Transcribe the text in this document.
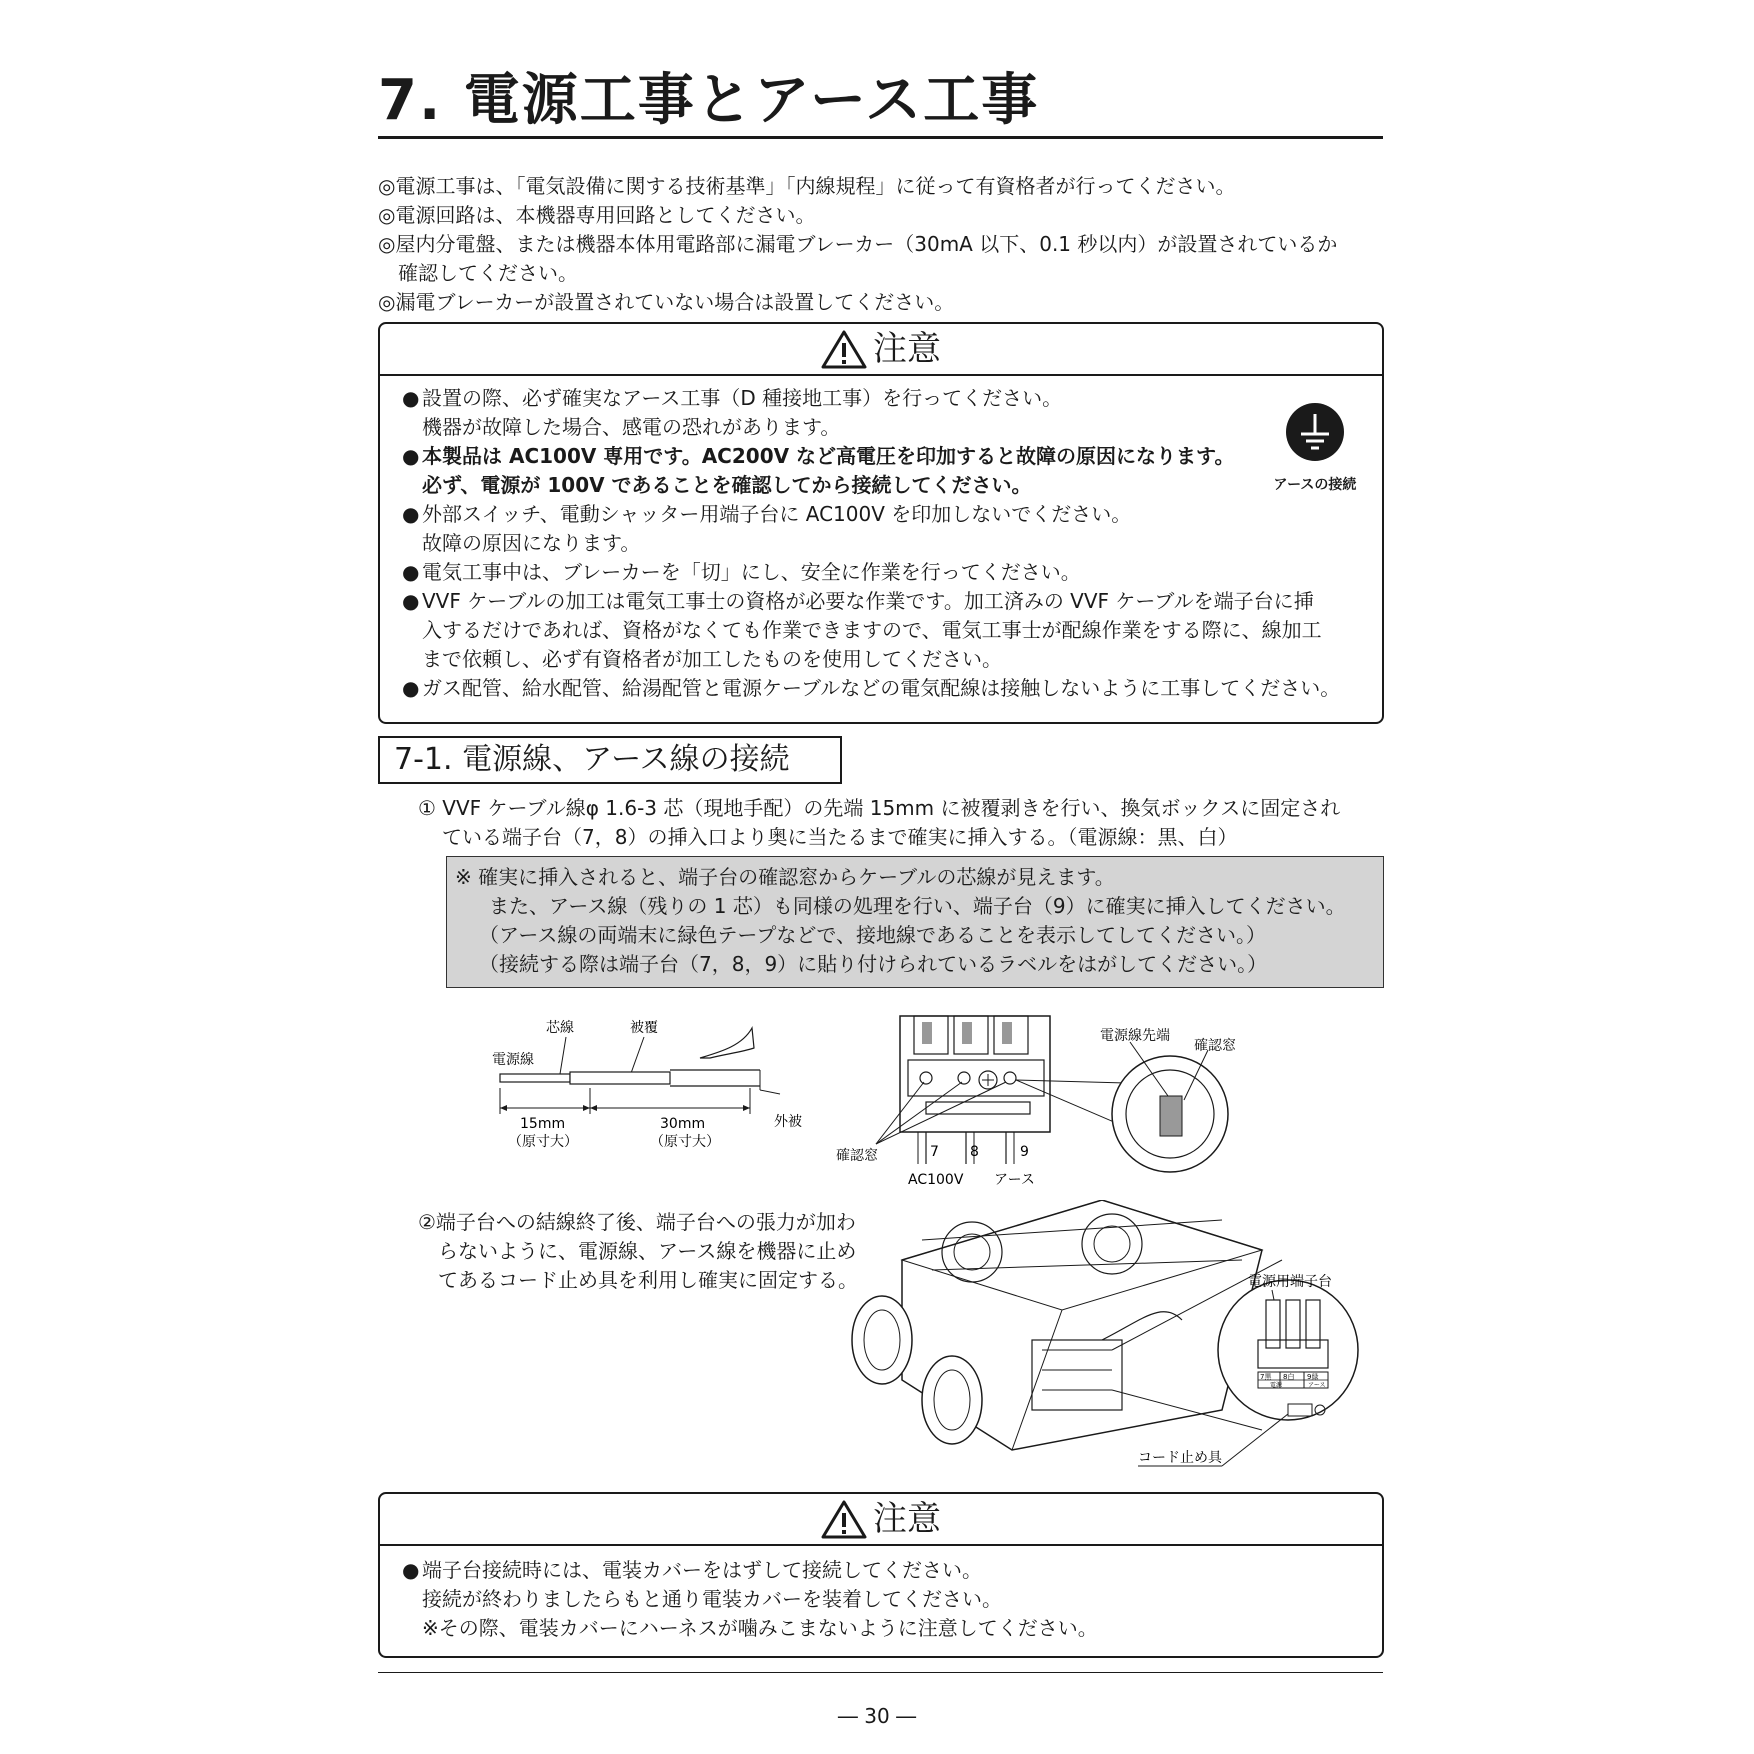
7. 電源工事とアース工事
◎電源工事は、「電気設備に関する技術基準」「内線規程」に従って有資格者が行ってください。
◎電源回路は、本機器専用回路としてください。
◎屋内分電盤、または機器本体用電路部に漏電ブレーカー（30mA 以下、0.1 秒以内）が設置されているか
確認してください。
◎漏電ブレーカーが設置されていない場合は設置してください。
注意
● 設置の際、必ず確実なアース工事（D 種接地工事）を行ってください。
機器が故障した場合、感電の恐れがあります。
● 本製品は AC100V 専用です。AC200V など高電圧を印加すると故障の原因になります。
必ず、電源が 100V であることを確認してから接続してください。
● 外部スイッチ、電動シャッター用端子台に AC100V を印加しないでください。
故障の原因になります。
● 電気工事中は、ブレーカーを「切」にし、安全に作業を行ってください。
● VVF ケーブルの加工は電気工事士の資格が必要な作業です。加工済みの VVF ケーブルを端子台に挿
入するだけであれば、資格がなくても作業できますので、電気工事士が配線作業をする際に、線加工
まで依頼し、必ず有資格者が加工したものを使用してください。
● ガス配管、給水配管、給湯配管と電源ケーブルなどの電気配線は接触しないように工事してください。
アースの接続
7-1. 電源線、アース線の接続
① VVF ケーブル線φ 1.6-3 芯（現地手配）の先端 15mm に被覆剥きを行い、換気ボックスに固定され
ている端子台（7，8）の挿入口より奥に当たるまで確実に挿入する。（電源線：黒、白）
※ 確実に挿入されると、端子台の確認窓からケーブルの芯線が見えます。
また、アース線（残りの 1 芯）も同様の処理を行い、端子台（9）に確実に挿入してください。
（アース線の両端末に緑色テープなどで、接地線であることを表示してしてください。）
（接続する際は端子台（7，8，9）に貼り付けられているラベルをはがしてください。）
芯線	被覆
電源線
15mm
（原寸大）
30mm
（原寸大）
外被
確認窓	7 8	9
AC100V アース
電源線先端
確認窓
②端子台への結線終了後、端子台への張力が加わ
らないように、電源線、アース線を機器に止め
てあるコード止め具を利用し確実に固定する。
7黒 8白 9緑
電源	アース
電源用端子台
コード止め具
注意
● 端子台接続時には、電装カバーをはずして接続してください。
接続が終わりましたらもと通り電装カバーを装着してください。
※その際、電装カバーにハーネスが噛みこまないように注意してください。
― 30 ―
